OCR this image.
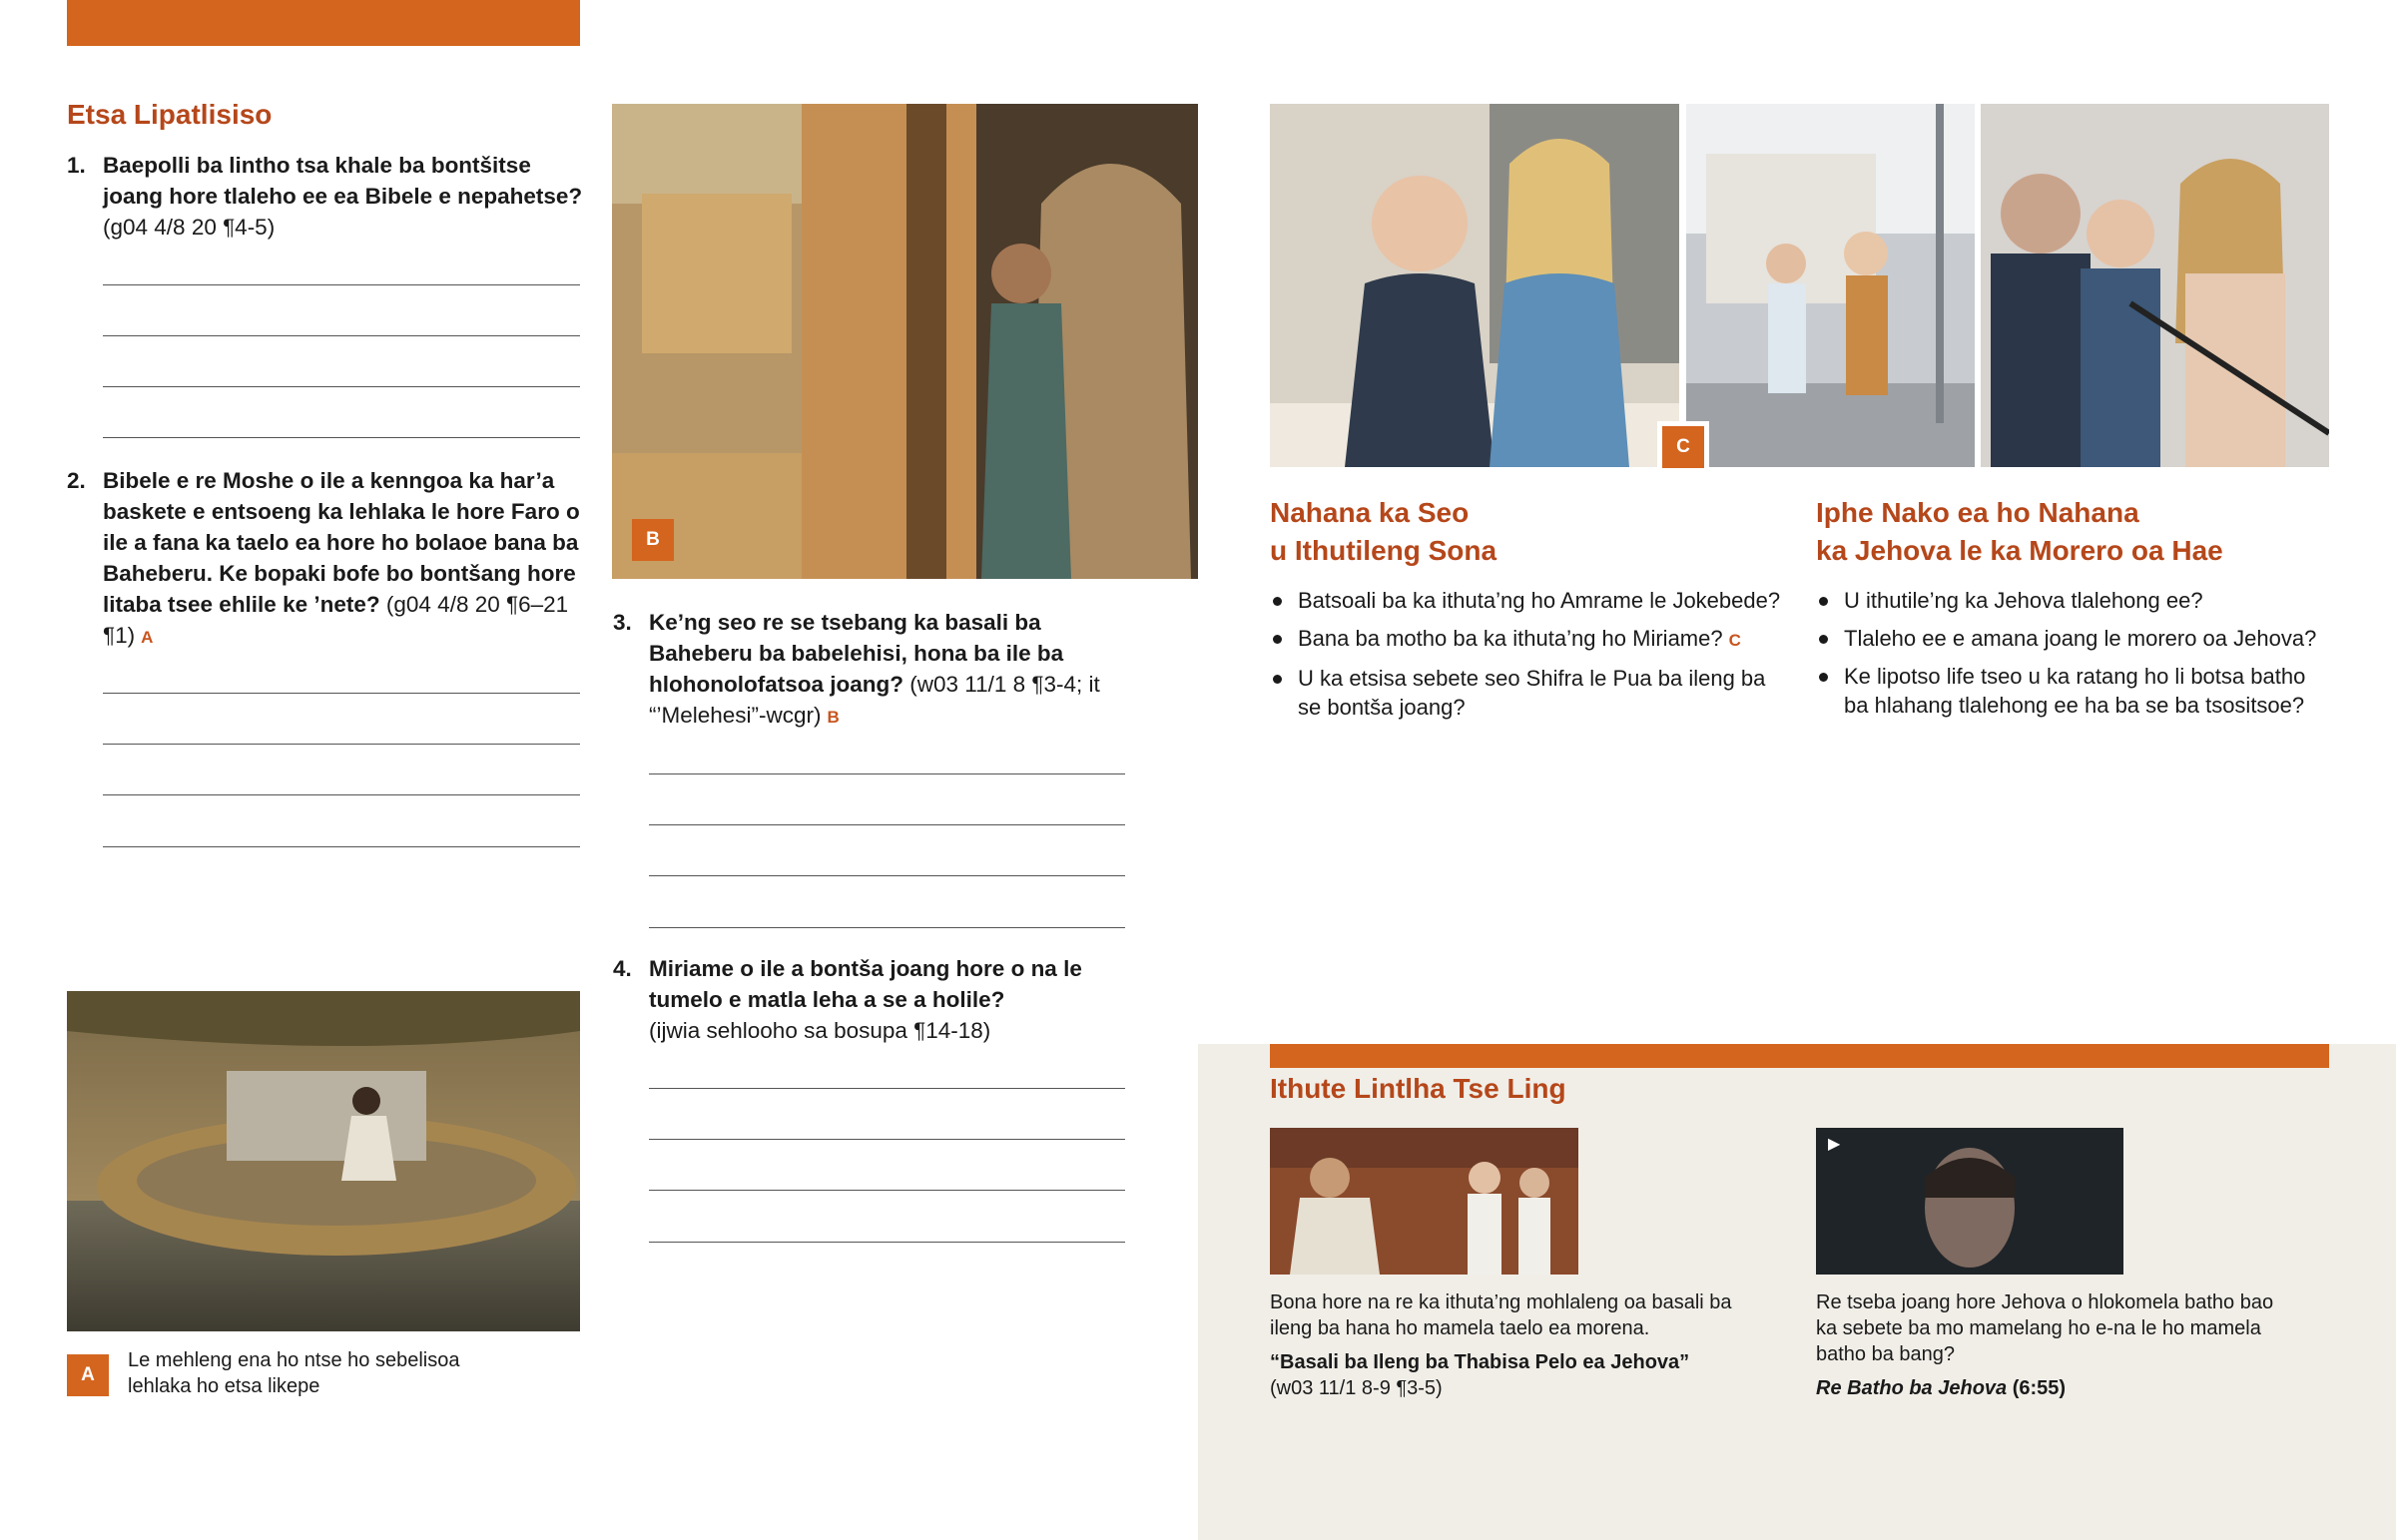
Etsa Lipatlisiso
1. Baepolli ba lintho tsa khale ba bontšitse joang hore tlaleho ee ea Bibele e nepahetse?
(g04 4/8 20 ¶4-5)
2. Bibele e re Moshe o ile a kenngoa ka har’a baskete e entsoeng ka lehlaka le hore Faro o ile a fana ka taelo ea hore ho bolaoe bana ba Baheberu. Ke bopaki bofe bo bontšang hore litaba tsee ehlile ke ’nete? (g04 4/8 20 ¶6–21 ¶1) A
A
Le mehleng ena ho ntse ho sebelisoa lehlaka ho etsa likepe
B
3. Ke’ng seo re se tsebang ka basali ba Baheberu ba babelehisi, hona ba ile ba hlohonolofatsoa joang? (w03 11/1 8 ¶3-4; it “’Melehesi”-wcgr) B
4. Miriame o ile a bontša joang hore o na le tumelo e matla leha a se a holile?
(ijwia sehlooho sa bosupa ¶14-18)
C
Nahana ka Seo
u Ithutileng Sona
Batsoali ba ka ithuta’ng ho Amrame le Jokebede?
Bana ba motho ba ka ithuta’ng ho Miriame? C
U ka etsisa sebete seo Shifra le Pua ba ileng ba se bontša joang?
Iphe Nako ea ho Nahana
ka Jehova le ka Morero oa Hae
U ithutile’ng ka Jehova tlalehong ee?
Tlaleho ee e amana joang le morero oa Jehova?
Ke lipotso life tseo u ka ratang ho li botsa batho ba hlahang tlalehong ee ha ba se ba tsositsoe?
Ithute Lintlha Tse Ling
Bona hore na re ka ithuta’ng mohlaleng oa basali ba ileng ba hana ho mamela taelo ea morena.
“Basali ba Ileng ba Thabisa Pelo ea Jehova”
(w03 11/1 8-9 ¶3-5)
▶
Re tseba joang hore Jehova o hlokomela batho bao ka sebete ba mo mamelang ho e-na le ho mamela batho ba bang?
Re Batho ba Jehova (6:55)
